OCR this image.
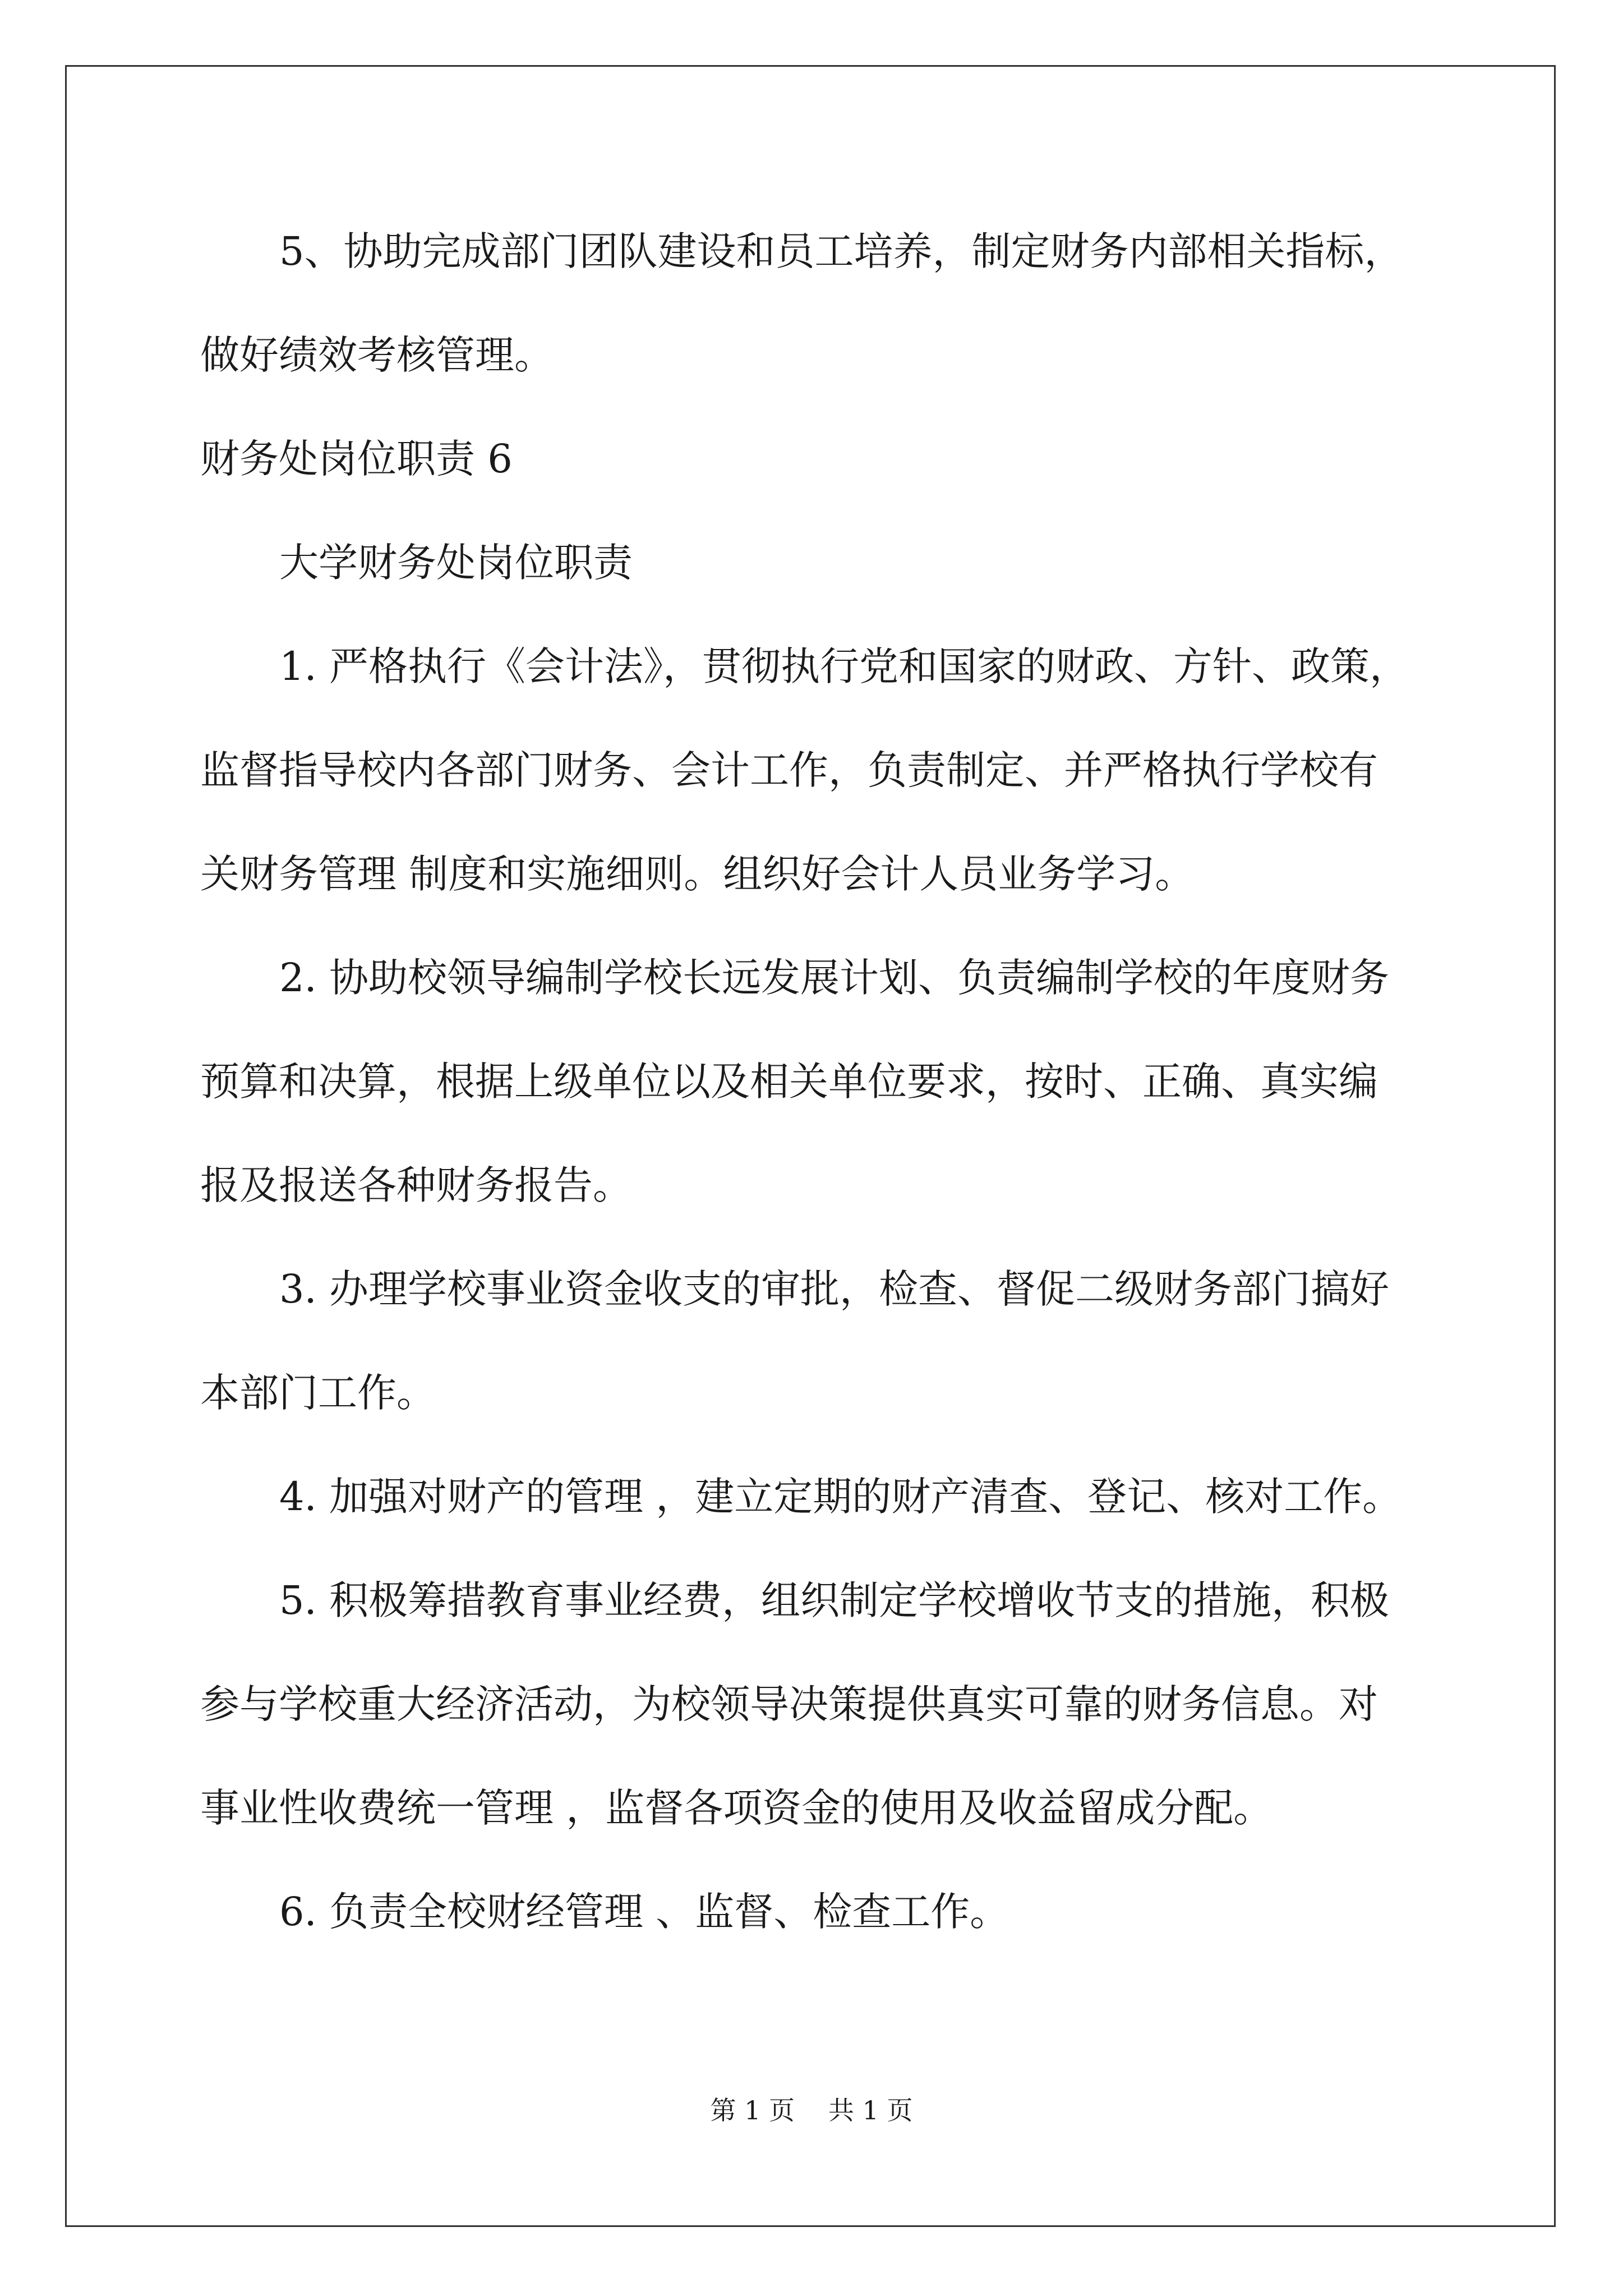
5、协助完成部门团队建设和员工培养，制定财务内部相关指标，
做好绩效考核管理。
财务处岗位职责 6
大学财务处岗位职责
1. 严格执行《会计法》，贯彻执行党和国家的财政、方针、政策，
监督指导校内各部门财务、会计工作，负责制定、并严格执行学校有
关财务管理 制度和实施细则。组织好会计人员业务学习。
2. 协助校领导编制学校长远发展计划、负责编制学校的年度财务
预算和决算，根据上级单位以及相关单位要求，按时、正确、真实编
报及报送各种财务报告。
3. 办理学校事业资金收支的审批，检查、督促二级财务部门搞好
本部门工作。
4. 加强对财产的管理 ，建立定期的财产清查、登记、核对工作。
5. 积极筹措教育事业经费，组织制定学校增收节支的措施，积极
参与学校重大经济活动，为校领导决策提供真实可靠的财务信息。对
事业性收费统一管理 ，监督各项资金的使用及收益留成分配。
6. 负责全校财经管理 、监督、检查工作。
第 1 页 共 1 页
